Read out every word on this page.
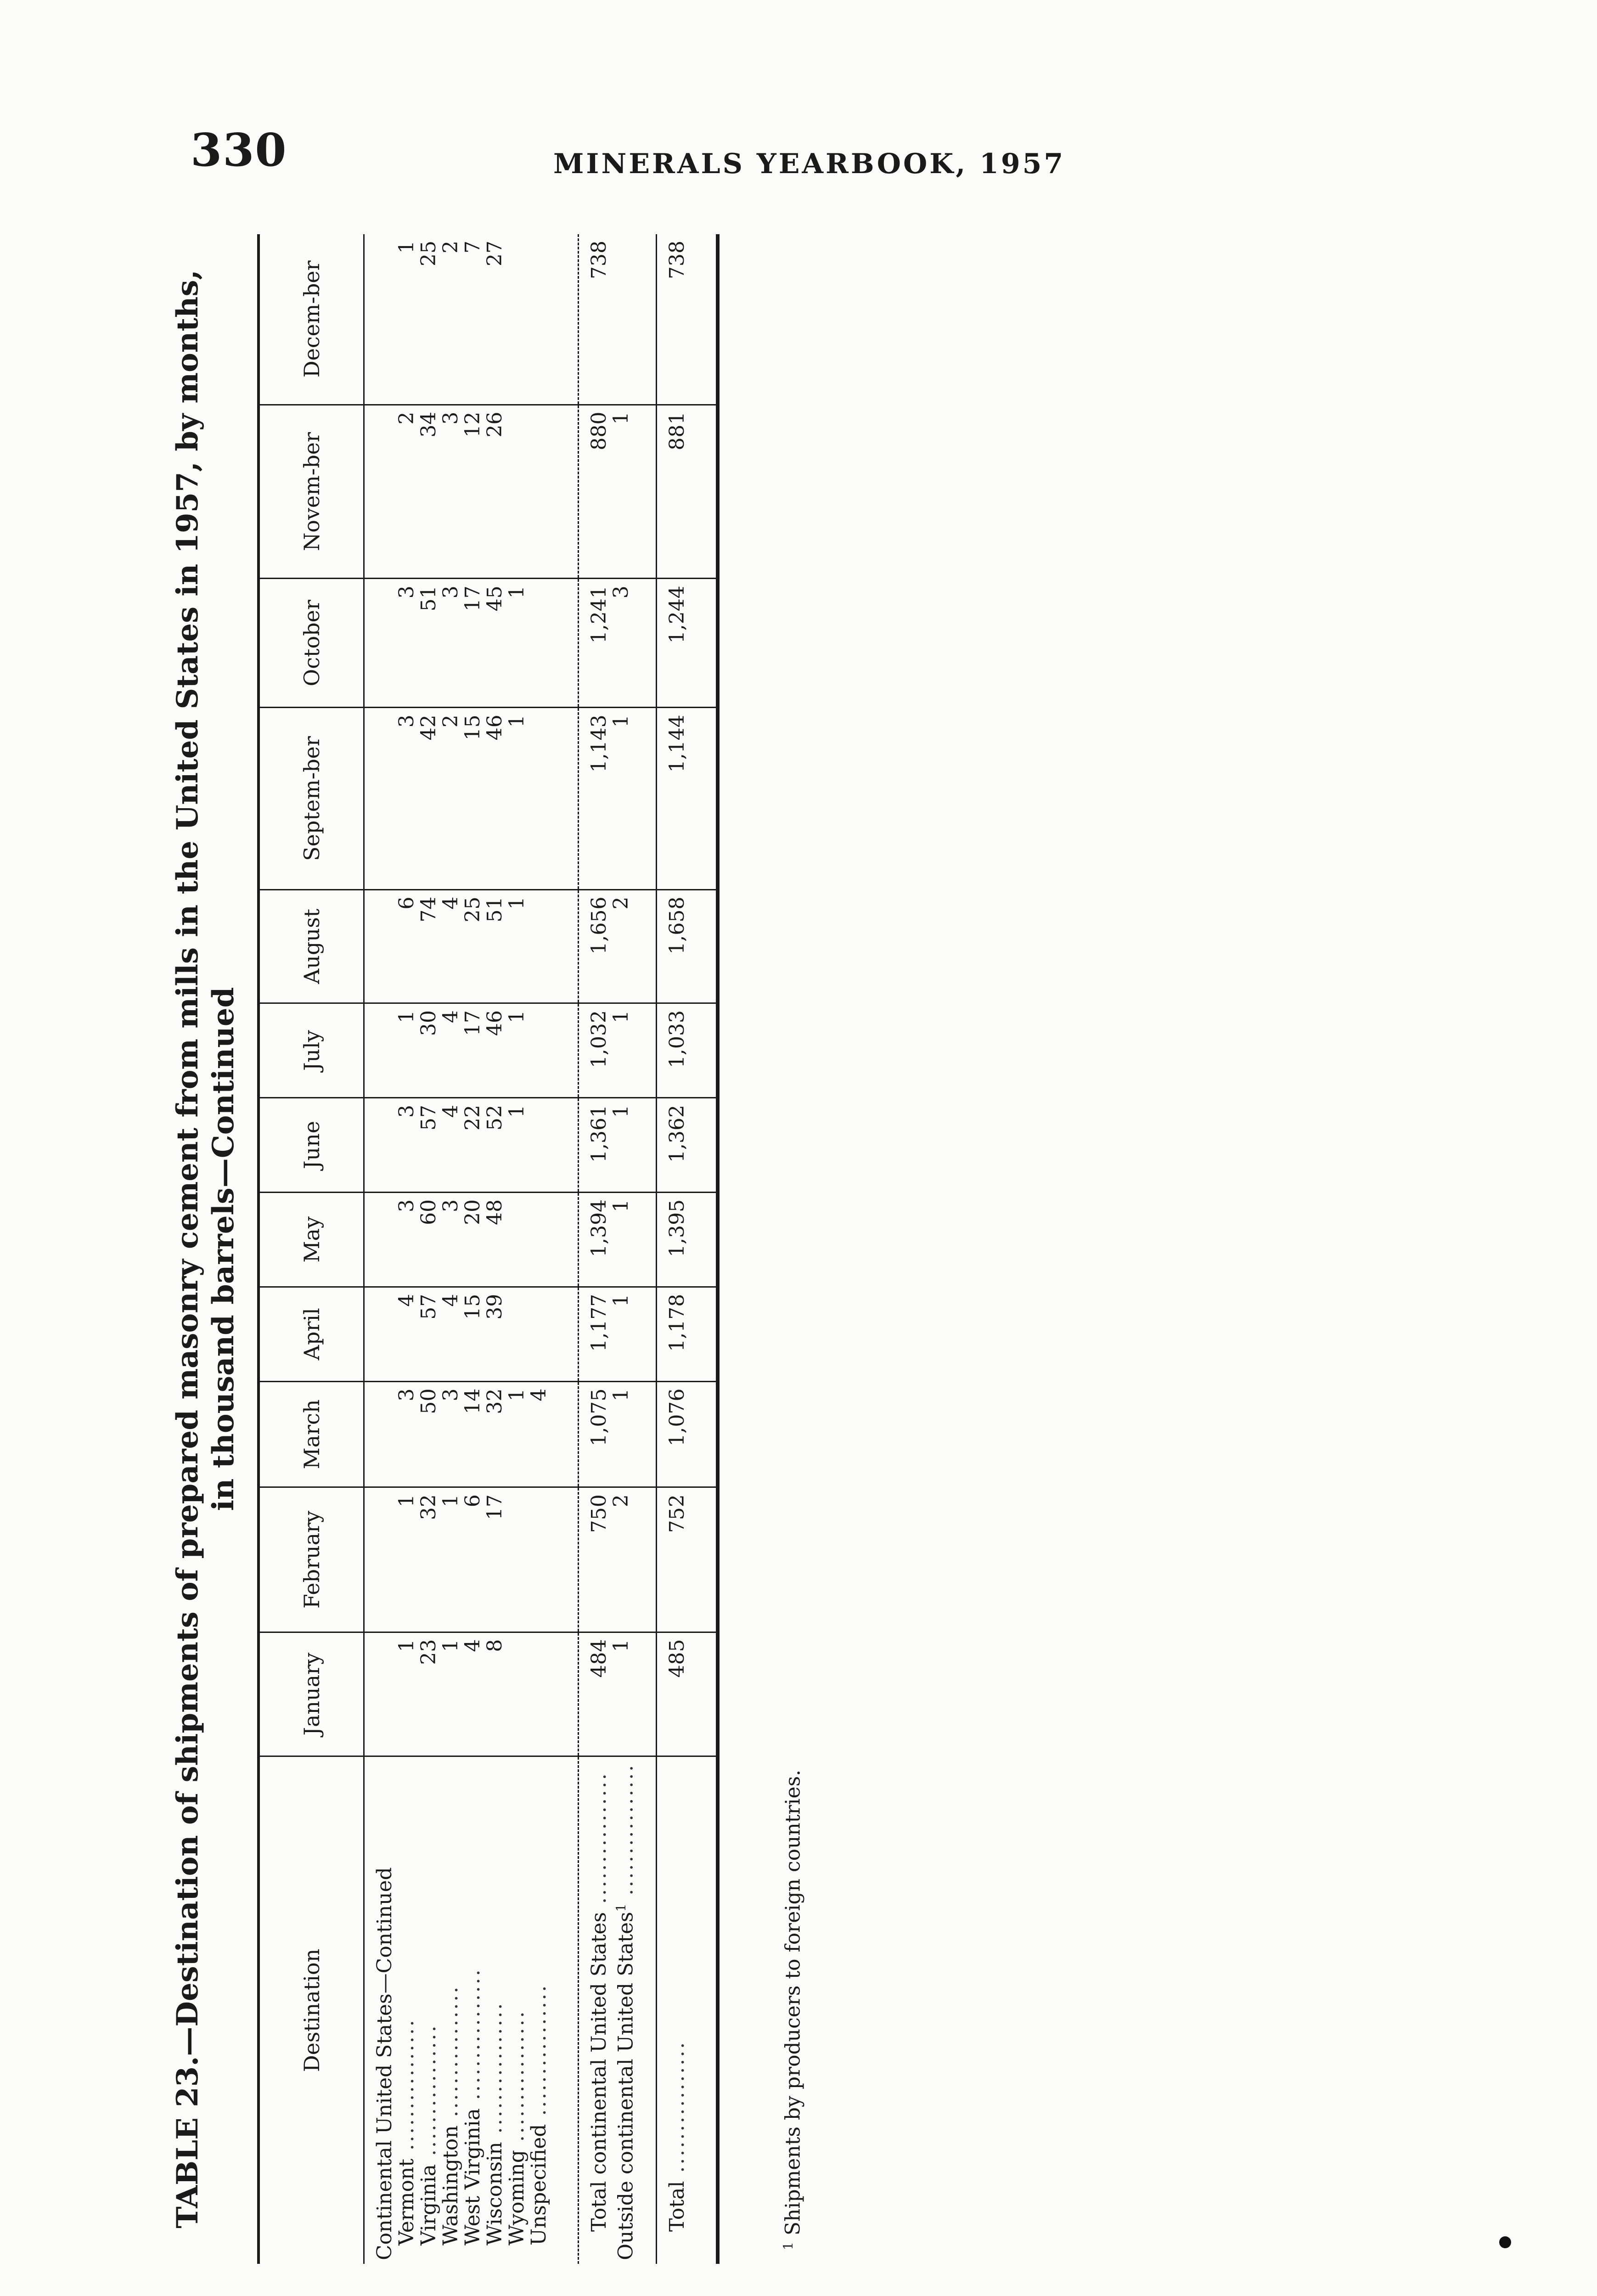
330	MINERALS YEARBOOK, 1957
TABLE 23.—Destination of shipments of prepared masonry cement from mills in the United States in 1957, by months, in thousand barrels—Continued
Destination	January	February	March	April	May	June	July	August	Septem-ber	October	Novem-ber	Decem-ber
Continental United States—Continued												
Vermont ................	1	1	3	4	3	3	1	6	3	3	2	1
Virginia ................	23	32	50	57	60	57	30	74	42	51	34	25
Washington ................	1	1	3	4	3	4	4	4	2	3	3	2
West Virginia ................	4	6	14	15	20	22	17	25	15	17	12	7
Wisconsin ................	8	17	32	39	48	52	46	51	46	45	26	27
Wyoming ................			1			1	1	1	1	1		
Unspecified ................			4									

Total continental United States ................	484	750	1,075	1,177	1,394	1,361	1,032	1,656	1,143	1,241	880	738
Outside continental United States$^1$ ................	1	2	1	1	1	1	1	2	1	3	1	

Total ................	485	752	1,076	1,178	1,395	1,362	1,033	1,658	1,144	1,244	881	738

$^1$ Shipments by producers to foreign countries.
